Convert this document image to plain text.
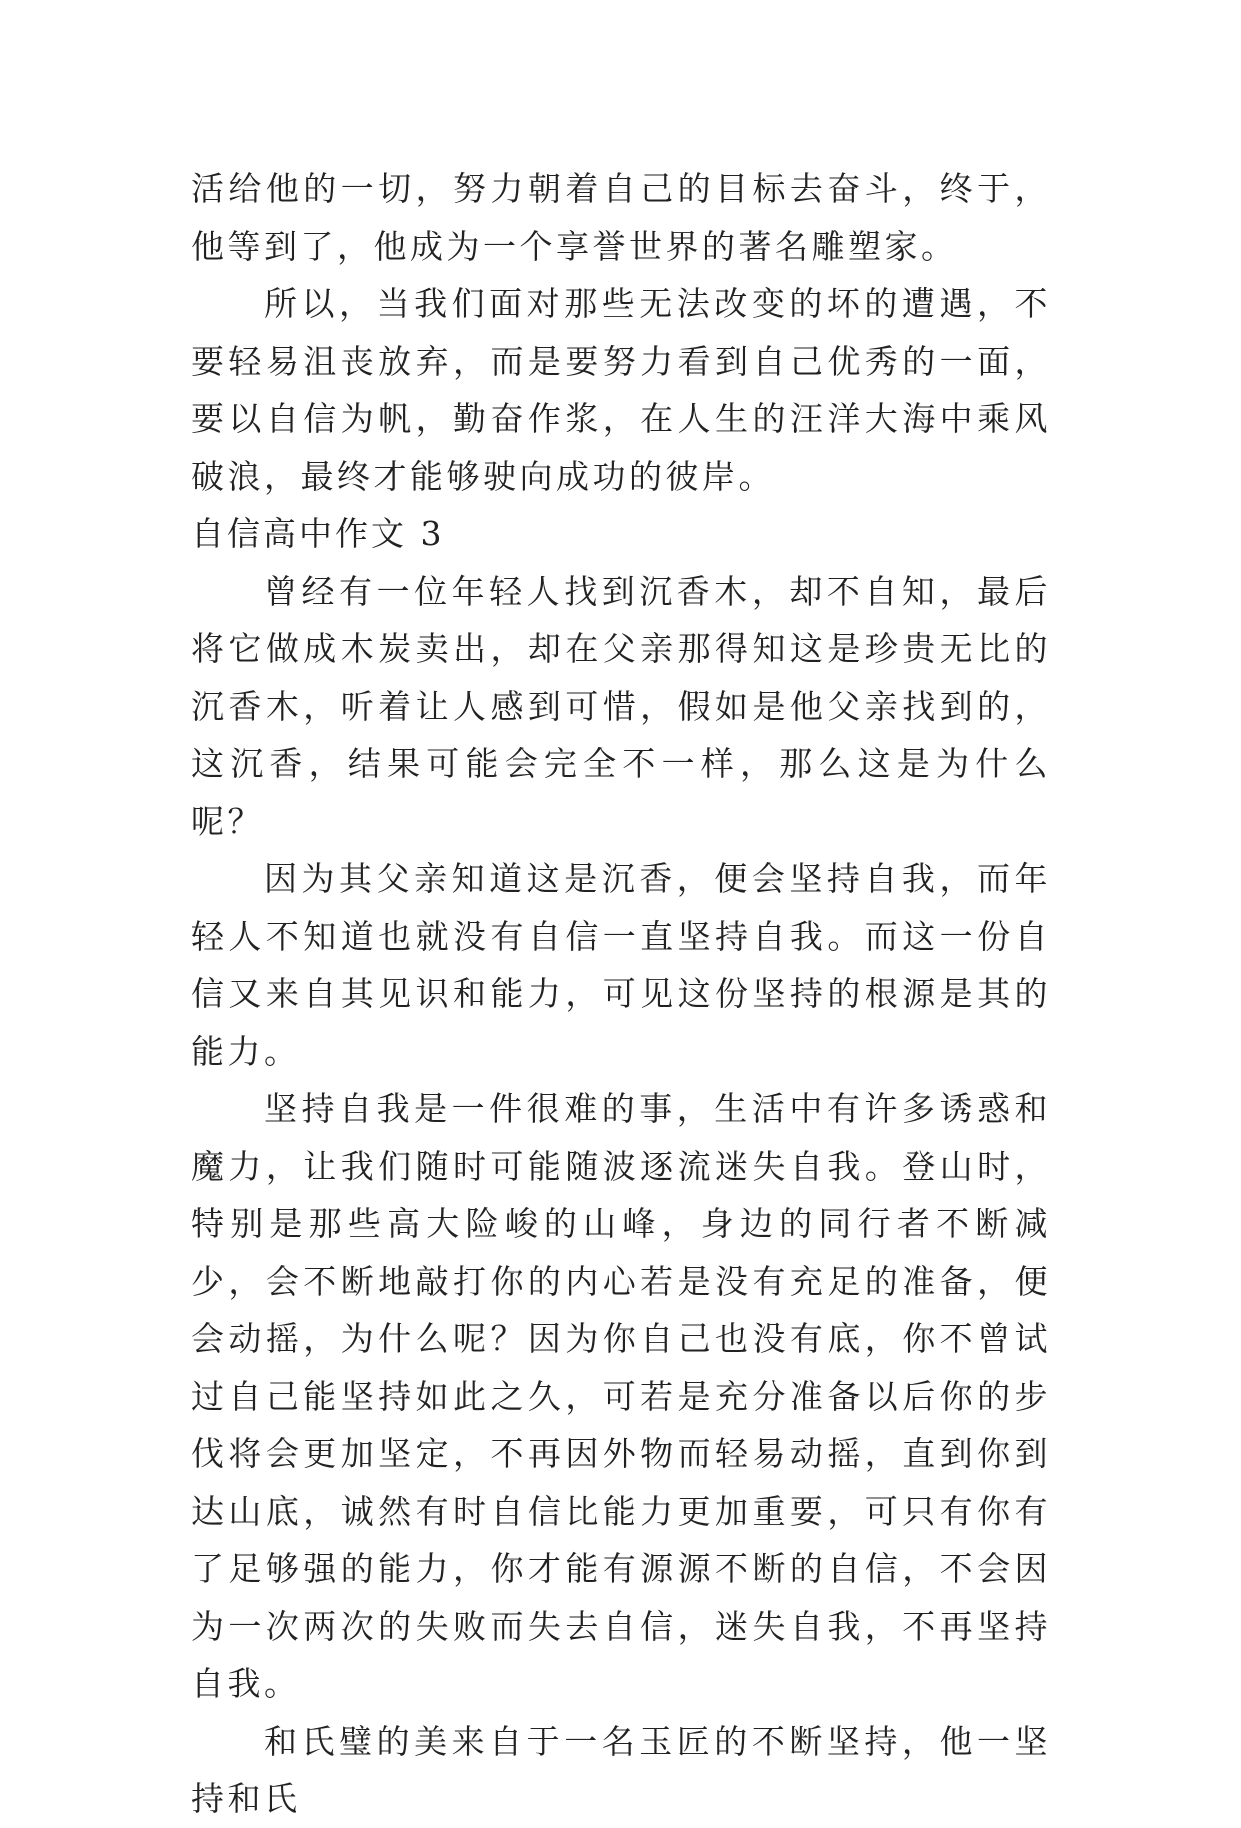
活给他的一切，努力朝着自己的目标去奋斗，终于，他等到了，他成为一个享誉世界的著名雕塑家。

所以，当我们面对那些无法改变的坏的遭遇，不要轻易沮丧放弃，而是要努力看到自己优秀的一面，要以自信为帆，勤奋作浆，在人生的汪洋大海中乘风破浪，最终才能够驶向成功的彼岸。

自信高中作文 3

曾经有一位年轻人找到沉香木，却不自知，最后将它做成木炭卖出，却在父亲那得知这是珍贵无比的沉香木，听着让人感到可惜，假如是他父亲找到的，这沉香，结果可能会完全不一样，那么这是为什么呢？

因为其父亲知道这是沉香，便会坚持自我，而年轻人不知道也就没有自信一直坚持自我。而这一份自信又来自其见识和能力，可见这份坚持的根源是其的能力。

坚持自我是一件很难的事，生活中有许多诱惑和魔力，让我们随时可能随波逐流迷失自我。登山时，特别是那些高大险峻的山峰，身边的同行者不断减少，会不断地敲打你的内心若是没有充足的准备，便会动摇，为什么呢？因为你自己也没有底，你不曾试过自己能坚持如此之久，可若是充分准备以后你的步伐将会更加坚定，不再因外物而轻易动摇，直到你到达山底，诚然有时自信比能力更加重要，可只有你有了足够强的能力，你才能有源源不断的自信，不会因为一次两次的失败而失去自信，迷失自我，不再坚持自我。

和氏璧的美来自于一名玉匠的不断坚持，他一坚持和氏
